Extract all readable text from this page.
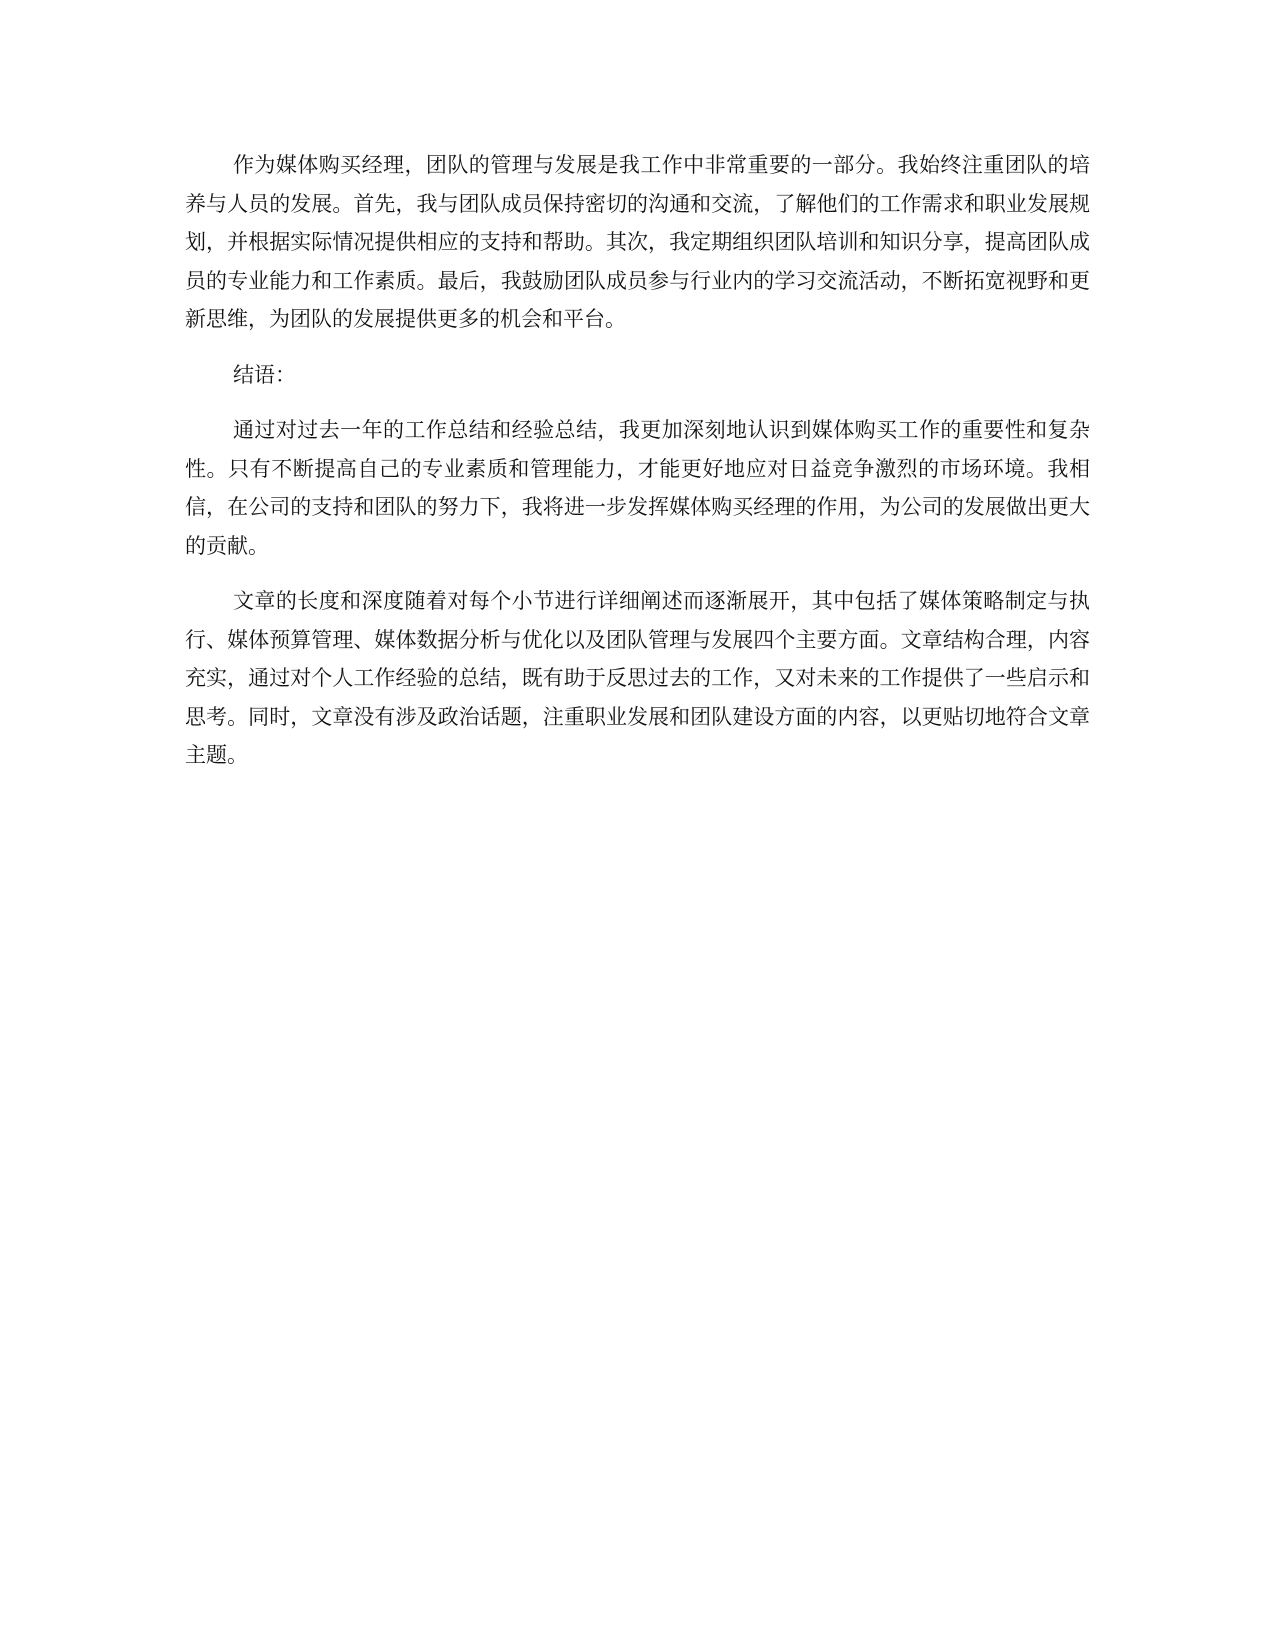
作为媒体购买经理，团队的管理与发展是我工作中非常重要的一部分。我始终注重团队的培养与人员的发展。首先，我与团队成员保持密切的沟通和交流，了解他们的工作需求和职业发展规划，并根据实际情况提供相应的支持和帮助。其次，我定期组织团队培训和知识分享，提高团队成员的专业能力和工作素质。最后，我鼓励团队成员参与行业内的学习交流活动，不断拓宽视野和更新思维，为团队的发展提供更多的机会和平台。

结语：

通过对过去一年的工作总结和经验总结，我更加深刻地认识到媒体购买工作的重要性和复杂性。只有不断提高自己的专业素质和管理能力，才能更好地应对日益竞争激烈的市场环境。我相信，在公司的支持和团队的努力下，我将进一步发挥媒体购买经理的作用，为公司的发展做出更大的贡献。

文章的长度和深度随着对每个小节进行详细阐述而逐渐展开，其中包括了媒体策略制定与执行、媒体预算管理、媒体数据分析与优化以及团队管理与发展四个主要方面。文章结构合理，内容充实，通过对个人工作经验的总结，既有助于反思过去的工作，又对未来的工作提供了一些启示和思考。同时，文章没有涉及政治话题，注重职业发展和团队建设方面的内容，以更贴切地符合文章主题。
